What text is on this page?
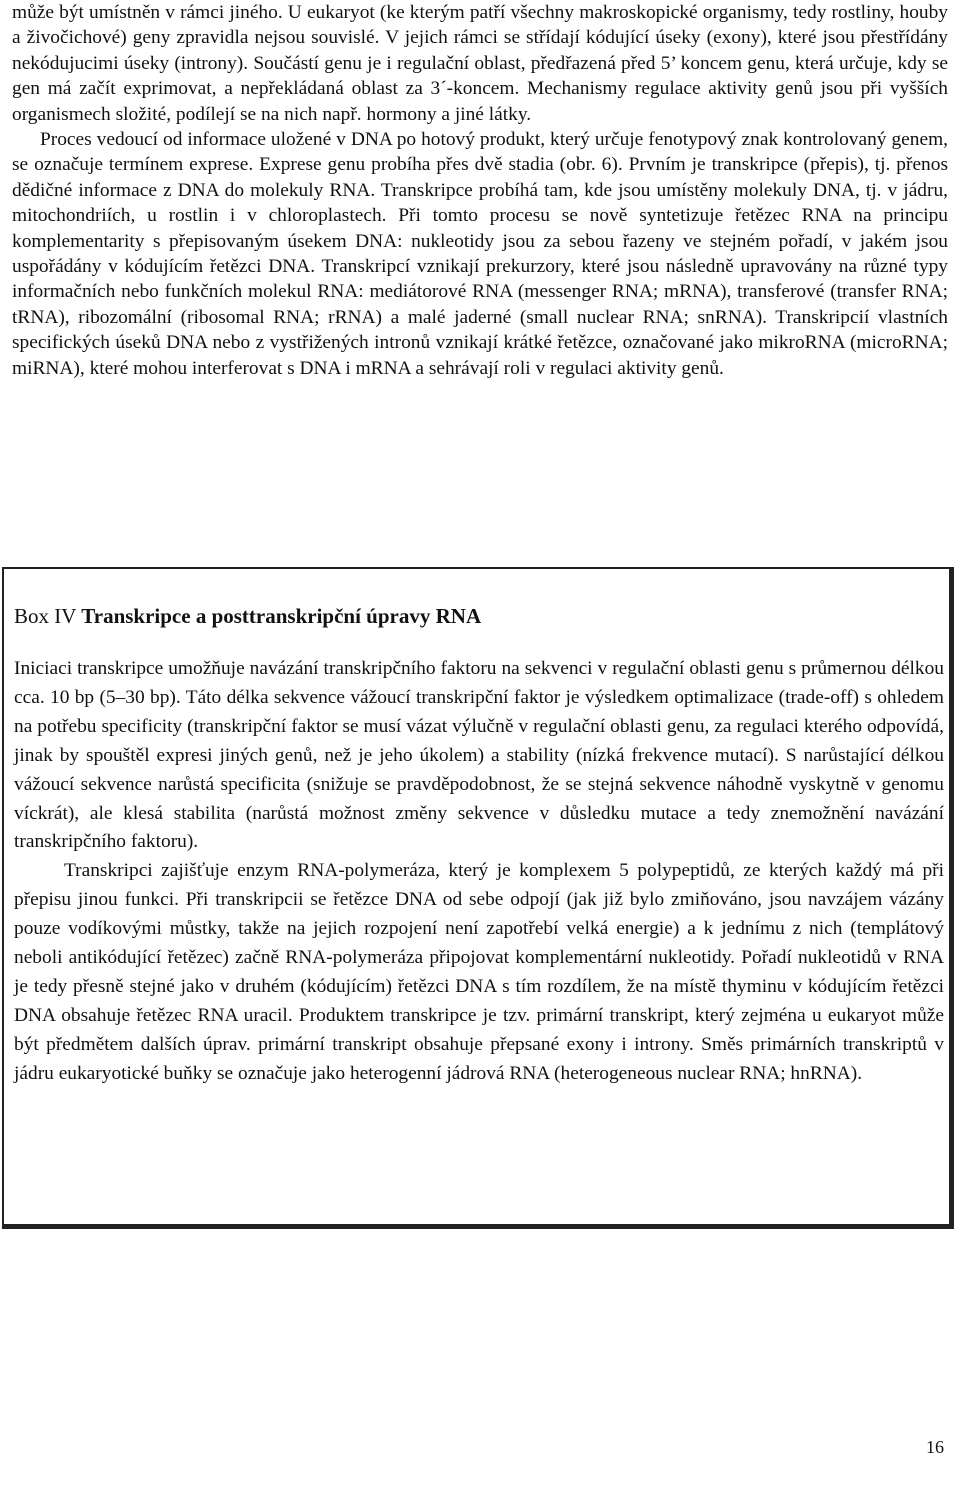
může být umístněn v rámci jiného. U eukaryot (ke kterým patří všechny makroskopické organismy, tedy rostliny, houby a živočichové) geny zpravidla nejsou souvislé. V jejich rámci se střídají kódující úseky (exony), které jsou přestřídány nekódujucimi úseky (introny). Součástí genu je i regulační oblast, předřazená před 5’ koncem genu, která určuje, kdy se gen má začít exprimovat, a nepřekládaná oblast za 3´-koncem. Mechanismy regulace aktivity genů jsou při vyšších organismech složité, podílejí se na nich např. hormony a jiné látky.

Proces vedoucí od informace uložené v DNA po hotový produkt, který určuje fenotypový znak kontrolovaný genem, se označuje termínem exprese. Exprese genu probíha přes dvě stadia (obr. 6). Prvním je transkripce (přepis), tj. přenos dědičné informace z DNA do molekuly RNA. Transkripce probíhá tam, kde jsou umístěny molekuly DNA, tj. v jádru, mitochondriích, u rostlin i v chloroplastech. Při tomto procesu se nově syntetizuje řetězec RNA na principu komplementarity s přepisovaným úsekem DNA: nukleotidy jsou za sebou řazeny ve stejném pořadí, v jakém jsou uspořádány v kódujícím řetězci DNA. Transkripcí vznikají prekurzory, které jsou následně upravovány na různé typy informačních nebo funkčních molekul RNA: mediátorové RNA (messenger RNA; mRNA), transferové (transfer RNA; tRNA), ribozomální (ribosomal RNA; rRNA) a malé jaderné (small nuclear RNA; snRNA). Transkripcií vlastních specifických úseků DNA nebo z vystřižených intronů vznikají krátké řetězce, označované jako mikroRNA (microRNA; miRNA), které mohou interferovat s DNA i mRNA a sehrávají roli v regulaci aktivity genů.

Box IV Transkripce a posttranskripční úpravy RNA

Iniciaci transkripce umožňuje navázání transkripčního faktoru na sekvenci v regulační oblasti genu s průmernou délkou cca. 10 bp (5–30 bp). Táto délka sekvence vážoucí transkripční faktor je výsledkem optimalizace (trade-off) s ohledem na potřebu specificity (transkripční faktor se musí vázat výlučně v regulační oblasti genu, za regulaci kterého odpovídá, jinak by spouštěl expresi jiných genů, než je jeho úkolem) a stability (nízká frekvence mutací). S narůstající délkou vážoucí sekvence narůstá specificita (snižuje se pravděpodobnost, že se stejná sekvence náhodně vyskytně v genomu víckrát), ale klesá stabilita (narůstá možnost změny sekvence v důsledku mutace a tedy znemožnění navázání transkripčního faktoru).

Transkripci zajišťuje enzym RNA-polymeráza, který je komplexem 5 polypeptidů, ze kterých každý má při přepisu jinou funkci. Při transkripcii se řetězce DNA od sebe odpojí (jak již bylo zmiňováno, jsou navzájem vázány pouze vodíkovými můstky, takže na jejich rozpojení není zapotřebí velká energie) a k jednímu z nich (templátový neboli antikódující řetězec) začně RNA-polymeráza připojovat komplementární nukleotidy. Pořadí nukleotidů v RNA je tedy přesně stejné jako v druhém (kódujícím) řetězci DNA s tím rozdílem, že na místě thyminu v kódujícím řetězci DNA obsahuje řetězec RNA uracil. Produktem transkripce je tzv. primární transkript, který zejména u eukaryot může být předmětem dalších úprav. primární transkript obsahuje přepsané exony i introny. Směs primárních transkriptů v jádru eukaryotické buňky se označuje jako heterogenní jádrová RNA (heterogeneous nuclear RNA; hnRNA).

16
